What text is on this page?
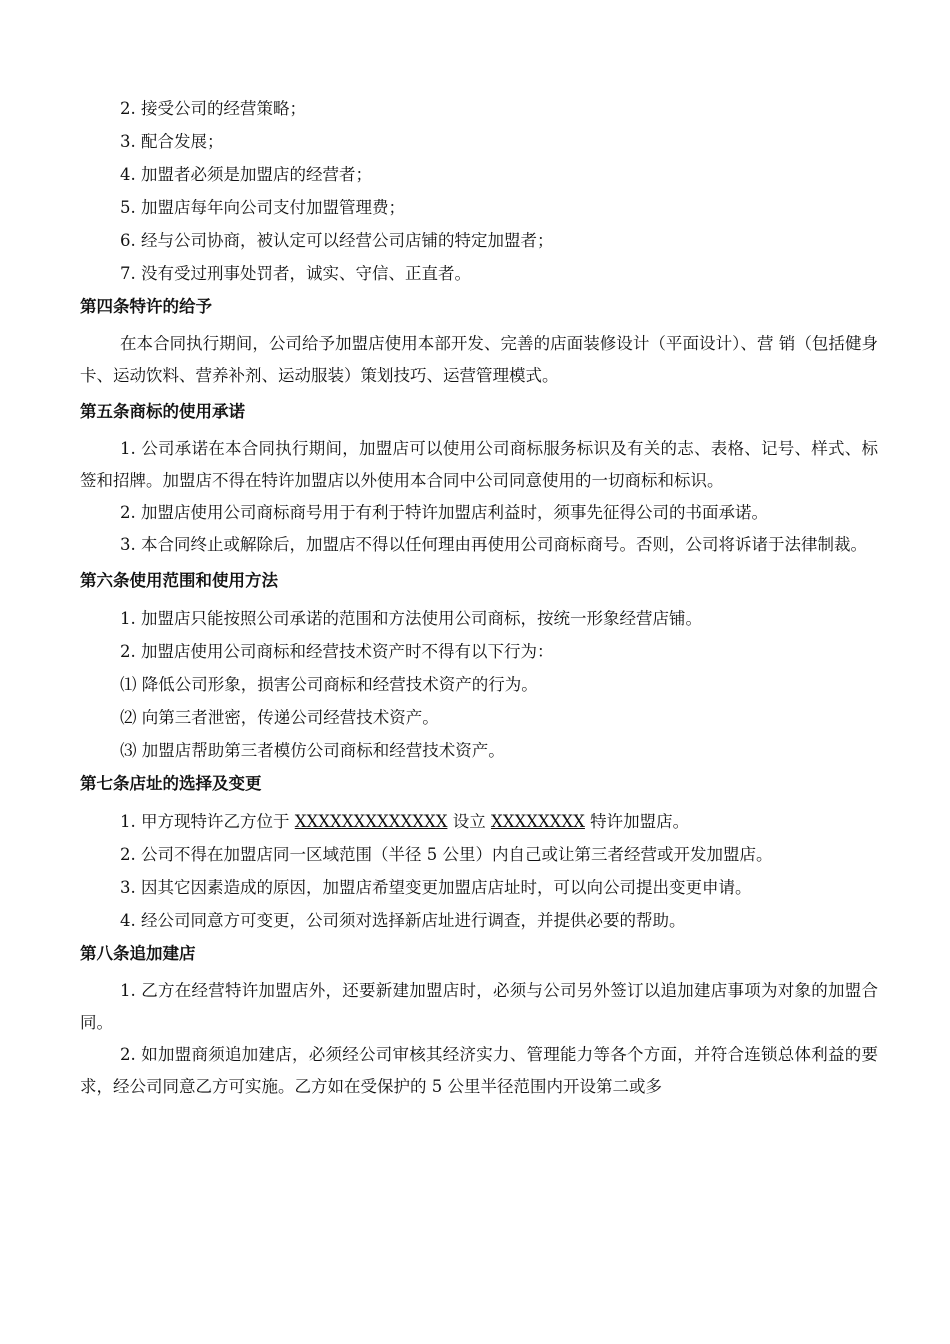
2. 接受公司的经营策略；

3. 配合发展；

4. 加盟者必须是加盟店的经营者；

5. 加盟店每年向公司支付加盟管理费；

6. 经与公司协商，被认定可以经营公司店铺的特定加盟者；

7. 没有受过刑事处罚者，诚实、守信、正直者。

第四条特许的给予

在本合同执行期间，公司给予加盟店使用本部开发、完善的店面装修设计（平面设计）、营 销（包括健身卡、运动饮料、营养补剂、运动服装）策划技巧、运营管理模式。

第五条商标的使用承诺

1. 公司承诺在本合同执行期间，加盟店可以使用公司商标服务标识及有关的志、表格、记号、样式、标签和招牌。加盟店不得在特许加盟店以外使用本合同中公司同意使用的一切商标和标识。

2. 加盟店使用公司商标商号用于有利于特许加盟店利益时，须事先征得公司的书面承诺。

3. 本合同终止或解除后，加盟店不得以任何理由再使用公司商标商号。否则，公司将诉诸于法律制裁。

第六条使用范围和使用方法

1. 加盟店只能按照公司承诺的范围和方法使用公司商标，按统一形象经营店铺。

2. 加盟店使用公司商标和经营技术资产时不得有以下行为：

⑴ 降低公司形象，损害公司商标和经营技术资产的行为。

⑵ 向第三者泄密，传递公司经营技术资产。

⑶ 加盟店帮助第三者模仿公司商标和经营技术资产。

第七条店址的选择及变更

1. 甲方现特许乙方位于 XXXXXXXXXXXXX 设立 XXXXXXXX 特许加盟店。

2. 公司不得在加盟店同一区域范围（半径 5 公里）内自己或让第三者经营或开发加盟店。

3. 因其它因素造成的原因，加盟店希望变更加盟店店址时，可以向公司提出变更申请。

4. 经公司同意方可变更，公司须对选择新店址进行调查，并提供必要的帮助。

第八条追加建店

1. 乙方在经营特许加盟店外，还要新建加盟店时，必须与公司另外签订以追加建店事项为对象的加盟合同。

2. 如加盟商须追加建店，必须经公司审核其经济实力、管理能力等各个方面，并符合连锁总体利益的要求，经公司同意乙方可实施。乙方如在受保护的 5 公里半径范围内开设第二或多
